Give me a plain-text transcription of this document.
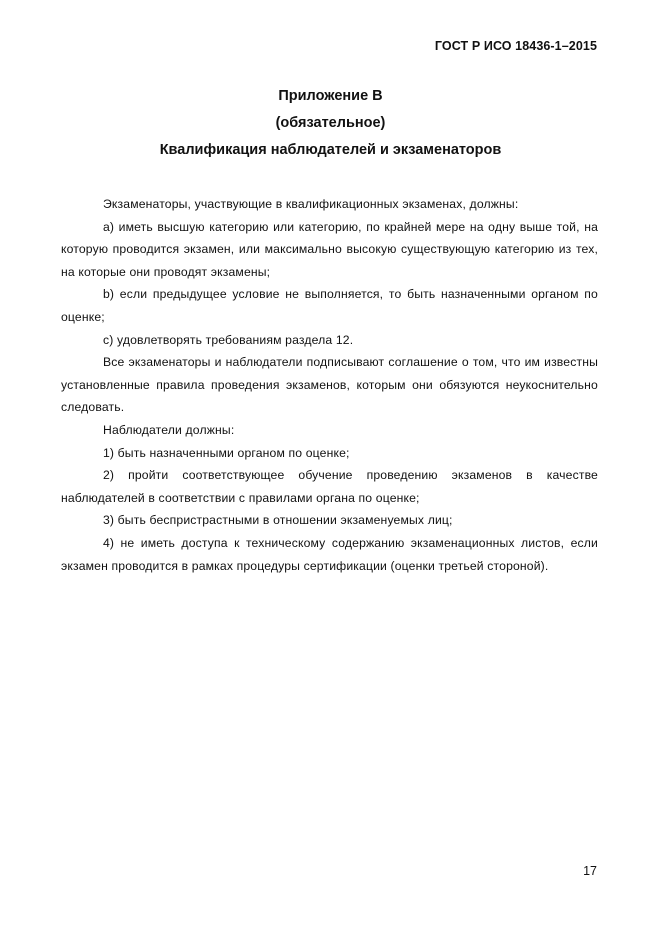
ГОСТ Р ИСО 18436-1–2015
Приложение В
(обязательное)
Квалификация наблюдателей и экзаменаторов

Экзаменаторы, участвующие в квалификационных экзаменах, должны:

а) иметь высшую категорию или категорию, по крайней мере на одну выше той, на которую проводится экзамен, или максимально высокую существующую категорию из тех, на которые они проводят экзамены;

b) если предыдущее условие не выполняется, то быть назначенными органом по оценке;

с) удовлетворять требованиям раздела 12.

Все экзаменаторы и наблюдатели подписывают соглашение о том, что им известны установленные правила проведения экзаменов, которым они обязуются неукоснительно следовать.

Наблюдатели должны:

1) быть назначенными органом по оценке;

2) пройти соответствующее обучение проведению экзаменов в качестве наблюдателей в соответствии с правилами органа по оценке;

3) быть беспристрастными в отношении экзаменуемых лиц;

4) не иметь доступа к техническому содержанию экзаменационных листов, если экзамен проводится в рамках процедуры сертификации (оценки третьей стороной).

17
